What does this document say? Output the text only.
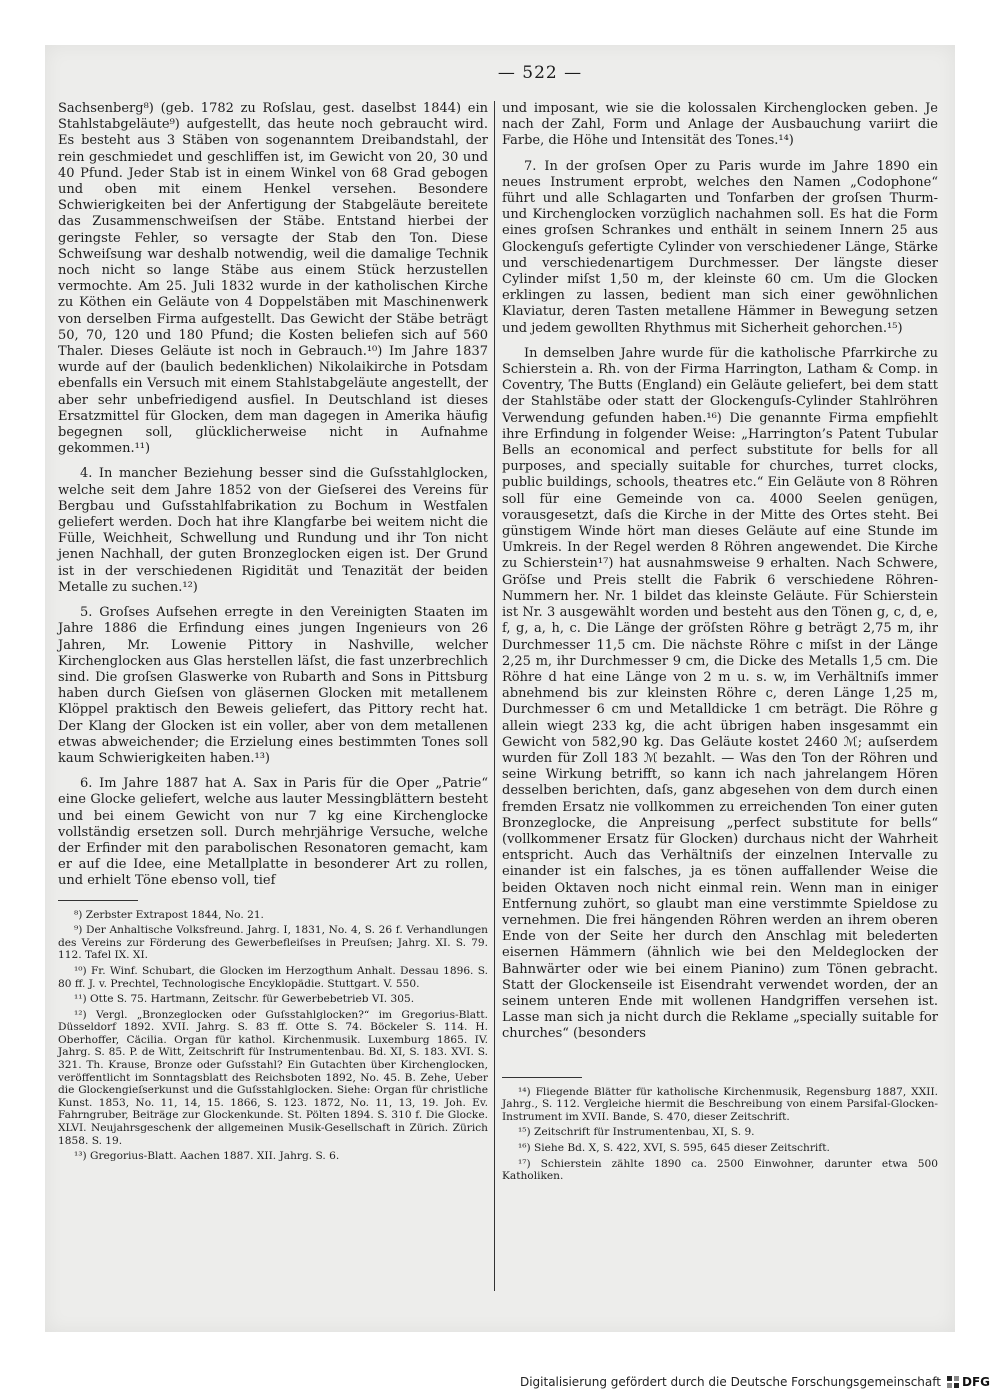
— 522 —

Sachsenberg⁸) (geb. 1782 zu Roſslau, gest. daselbst 1844) ein Stahlstabgeläute⁹) aufgestellt, das heute noch gebraucht wird. Es besteht aus 3 Stäben von sogenanntem Dreibandstahl, der rein geschmiedet und geschliffen ist, im Gewicht von 20, 30 und 40 Pfund. Jeder Stab ist in einem Winkel von 68 Grad gebogen und oben mit einem Henkel versehen. Besondere Schwierigkeiten bei der Anfertigung der Stabgeläute bereitete das Zusammenschweiſsen der Stäbe. Entstand hierbei der geringste Fehler, so versagte der Stab den Ton. Diese Schweiſsung war deshalb notwendig, weil die damalige Technik noch nicht so lange Stäbe aus einem Stück herzustellen vermochte. Am 25. Juli 1832 wurde in der katholischen Kirche zu Köthen ein Geläute von 4 Doppelstäben mit Maschinenwerk von derselben Firma aufgestellt. Das Gewicht der Stäbe beträgt 50, 70, 120 und 180 Pfund; die Kosten beliefen sich auf 560 Thaler. Dieses Geläute ist noch in Gebrauch.¹⁰) Im Jahre 1837 wurde auf der (baulich bedenklichen) Nikolaikirche in Potsdam ebenfalls ein Versuch mit einem Stahlstabgeläute angestellt, der aber sehr unbefriedigend ausfiel. In Deutschland ist dieses Ersatzmittel für Glocken, dem man dagegen in Amerika häufig begegnen soll, glücklicherweise nicht in Aufnahme gekommen.¹¹)

4. In mancher Beziehung besser sind die Guſsstahlglocken, welche seit dem Jahre 1852 von der Gieſserei des Vereins für Bergbau und Guſsstahlfabrikation zu Bochum in Westfalen geliefert werden. Doch hat ihre Klangfarbe bei weitem nicht die Fülle, Weichheit, Schwellung und Rundung und ihr Ton nicht jenen Nachhall, der guten Bronzeglocken eigen ist. Der Grund ist in der verschiedenen Rigidität und Tenazität der beiden Metalle zu suchen.¹²)

5. Groſses Aufsehen erregte in den Vereinigten Staaten im Jahre 1886 die Erfindung eines jungen Ingenieurs von 26 Jahren, Mr. Lowenie Pittory in Nashville, welcher Kirchenglocken aus Glas herstellen läſst, die fast unzerbrechlich sind. Die groſsen Glaswerke von Rubarth and Sons in Pittsburg haben durch Gieſsen von gläsernen Glocken mit metallenem Klöppel praktisch den Beweis geliefert, das Pittory recht hat. Der Klang der Glocken ist ein voller, aber von dem metallenen etwas abweichender; die Erzielung eines bestimmten Tones soll kaum Schwierigkeiten haben.¹³)

6. Im Jahre 1887 hat A. Sax in Paris für die Oper „Patrie“ eine Glocke geliefert, welche aus lauter Messingblättern besteht und bei einem Gewicht von nur 7 kg eine Kirchenglocke vollständig ersetzen soll. Durch mehrjährige Versuche, welche der Erfinder mit den parabolischen Resonatoren gemacht, kam er auf die Idee, eine Metallplatte in besonderer Art zu rollen, und erhielt Töne ebenso voll, tief

⁸) Zerbster Extrapost 1844, No. 21.

⁹) Der Anhaltische Volksfreund. Jahrg. I, 1831, No. 4, S. 26 f. Verhandlungen des Vereins zur Förderung des Gewerbefleiſses in Preuſsen; Jahrg. XI. S. 79. 112. Tafel IX. XI.

¹⁰) Fr. Winf. Schubart, die Glocken im Herzogthum Anhalt. Dessau 1896. S. 80 ff. J. v. Prechtel, Technologische Encyklopädie. Stuttgart. V. 550.

¹¹) Otte S. 75. Hartmann, Zeitschr. für Gewerbebetrieb VI. 305.

¹²) Vergl. „Bronzeglocken oder Guſsstahlglocken?“ im Gregorius-Blatt. Düsseldorf 1892. XVII. Jahrg. S. 83 ff. Otte S. 74. Böckeler S. 114. H. Oberhoffer, Cäcilia. Organ für kathol. Kirchenmusik. Luxemburg 1865. IV. Jahrg. S. 85. P. de Witt, Zeitschrift für Instrumentenbau. Bd. XI, S. 183. XVI. S. 321. Th. Krause, Bronze oder Guſsstahl? Ein Gutachten über Kirchenglocken, veröffentlicht im Sonntagsblatt des Reichsboten 1892, No. 45. B. Zehe, Ueber die Glockengieſserkunst und die Guſsstahlglocken. Siehe: Organ für christliche Kunst. 1853, No. 11, 14, 15. 1866, S. 123. 1872, No. 11, 13, 19. Joh. Ev. Fahrngruber, Beiträge zur Glockenkunde. St. Pölten 1894. S. 310 f. Die Glocke. XLVI. Neujahrsgeschenk der allgemeinen Musik-Gesellschaft in Zürich. Zürich 1858. S. 19.

¹³) Gregorius-Blatt. Aachen 1887. XII. Jahrg. S. 6.

und imposant, wie sie die kolossalen Kirchenglocken geben. Je nach der Zahl, Form und Anlage der Ausbauchung variirt die Farbe, die Höhe und Intensität des Tones.¹⁴)

7. In der groſsen Oper zu Paris wurde im Jahre 1890 ein neues Instrument erprobt, welches den Namen „Codophone“ führt und alle Schlagarten und Tonfarben der groſsen Thurm- und Kirchenglocken vorzüglich nachahmen soll. Es hat die Form eines groſsen Schrankes und enthält in seinem Innern 25 aus Glockenguſs gefertigte Cylinder von verschiedener Länge, Stärke und verschiedenartigem Durchmesser. Der längste dieser Cylinder miſst 1,50 m, der kleinste 60 cm. Um die Glocken erklingen zu lassen, bedient man sich einer gewöhnlichen Klaviatur, deren Tasten metallene Hämmer in Bewegung setzen und jedem gewollten Rhythmus mit Sicherheit gehorchen.¹⁵)

In demselben Jahre wurde für die katholische Pfarrkirche zu Schierstein a. Rh. von der Firma Harrington, Latham & Comp. in Coventry, The Butts (England) ein Geläute geliefert, bei dem statt der Stahlstäbe oder statt der Glockenguſs-Cylinder Stahlröhren Verwendung gefunden haben.¹⁶) Die genannte Firma empfiehlt ihre Erfindung in folgender Weise: „Harrington’s Patent Tubular Bells an economical and perfect substitute for bells for all purposes, and specially suitable for churches, turret clocks, public buildings, schools, theatres etc.“ Ein Geläute von 8 Röhren soll für eine Gemeinde von ca. 4000 Seelen genügen, vorausgesetzt, daſs die Kirche in der Mitte des Ortes steht. Bei günstigem Winde hört man dieses Geläute auf eine Stunde im Umkreis. In der Regel werden 8 Röhren angewendet. Die Kirche zu Schierstein¹⁷) hat ausnahmsweise 9 erhalten. Nach Schwere, Gröſse und Preis stellt die Fabrik 6 verschiedene Röhren-Nummern her. Nr. 1 bildet das kleinste Geläute. Für Schierstein ist Nr. 3 ausgewählt worden und besteht aus den Tönen g, c, d, e, f, g, a, h, c. Die Länge der gröſsten Röhre g beträgt 2,75 m, ihr Durchmesser 11,5 cm. Die nächste Röhre c miſst in der Länge 2,25 m, ihr Durchmesser 9 cm, die Dicke des Metalls 1,5 cm. Die Röhre d hat eine Länge von 2 m u. s. w, im Verhältniſs immer abnehmend bis zur kleinsten Röhre c, deren Länge 1,25 m, Durchmesser 6 cm und Metalldicke 1 cm beträgt. Die Röhre g allein wiegt 233 kg, die acht übrigen haben insgesammt ein Gewicht von 582,90 kg. Das Geläute kostet 2460 ℳ; auſserdem wurden für Zoll 183 ℳ bezahlt. — Was den Ton der Röhren und seine Wirkung betrifft, so kann ich nach jahrelangem Hören desselben berichten, daſs, ganz abgesehen von dem durch einen fremden Ersatz nie vollkommen zu erreichenden Ton einer guten Bronzeglocke, die Anpreisung „perfect substitute for bells“ (vollkommener Ersatz für Glocken) durchaus nicht der Wahrheit entspricht. Auch das Verhältniſs der einzelnen Intervalle zu einander ist ein falsches, ja es tönen auffallender Weise die beiden Oktaven noch nicht einmal rein. Wenn man in einiger Entfernung zuhört, so glaubt man eine verstimmte Spieldose zu vernehmen. Die frei hängenden Röhren werden an ihrem oberen Ende von der Seite her durch den Anschlag mit belederten eisernen Hämmern (ähnlich wie bei den Meldeglocken der Bahnwärter oder wie bei einem Pianino) zum Tönen gebracht. Statt der Glockenseile ist Eisendraht verwendet worden, der an seinem unteren Ende mit wollenen Handgriffen versehen ist. Lasse man sich ja nicht durch die Reklame „specially suitable for churches“ (besonders

¹⁴) Fliegende Blätter für katholische Kirchenmusik, Regensburg 1887, XXII. Jahrg., S. 112. Vergleiche hiermit die Beschreibung von einem Parsifal-Glocken-Instrument im XVII. Bande, S. 470, dieser Zeitschrift.

¹⁵) Zeitschrift für Instrumentenbau, XI, S. 9.

¹⁶) Siehe Bd. X, S. 422, XVI, S. 595, 645 dieser Zeitschrift.

¹⁷) Schierstein zählte 1890 ca. 2500 Einwohner, darunter etwa 500 Katholiken.

Digitalisierung gefördert durch die Deutsche Forschungsgemeinschaft DFG
